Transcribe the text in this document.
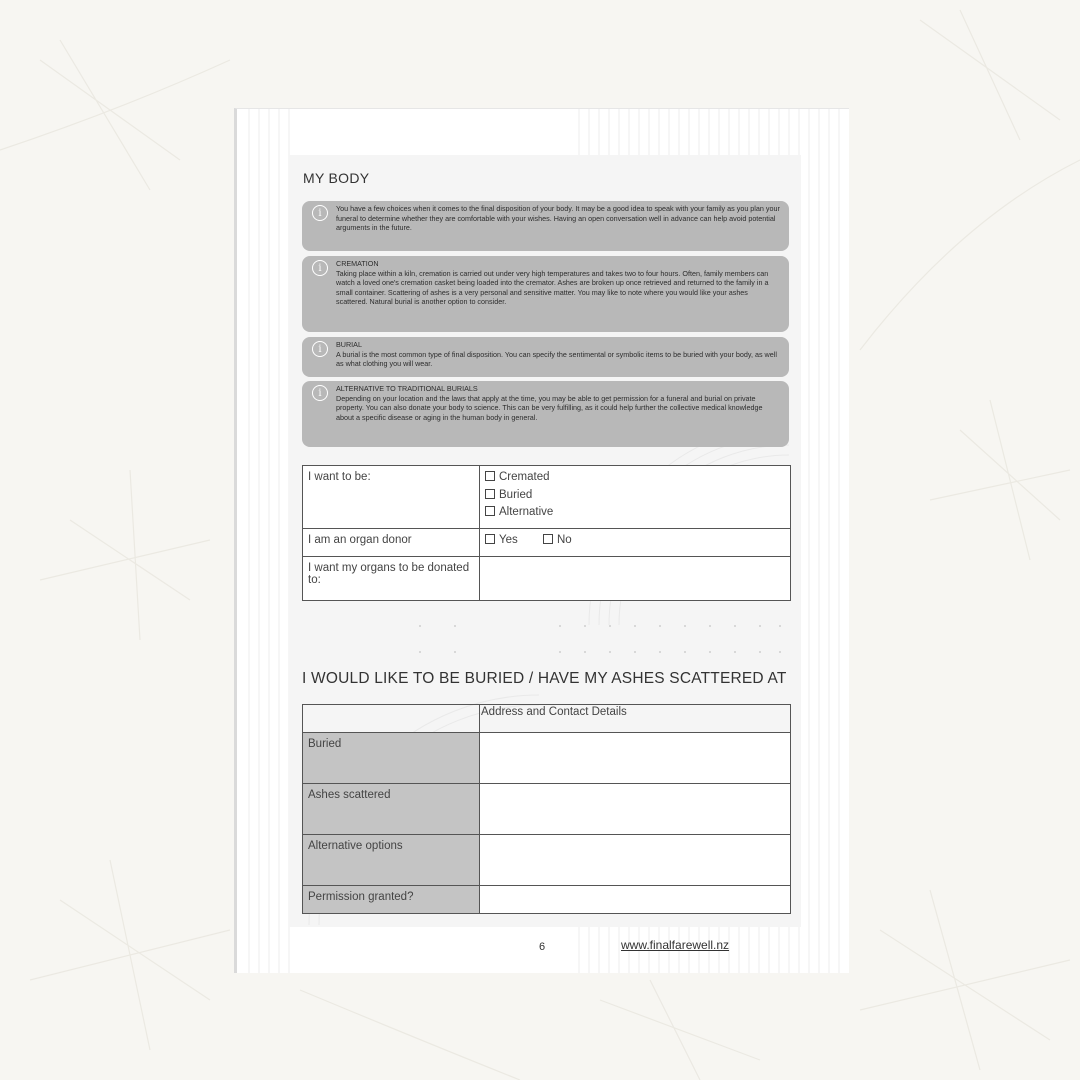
MY BODY
i	You have a few choices when it comes to the final disposition of your body. It may be a good idea to speak with your family as you plan your funeral to determine whether they are comfortable with your wishes. Having an open conversation well in advance can help avoid potential arguments in the future.
i	CREMATION
Taking place within a kiln, cremation is carried out under very high temperatures and takes two to four hours. Often, family members can watch a loved one's cremation casket being loaded into the cremator. Ashes are broken up once retrieved and returned to the family in a small container. Scattering of ashes is a very personal and sensitive matter. You may like to note where you would like your ashes scattered. Natural burial is another option to consider.
i	BURIAL
A burial is the most common type of final disposition. You can specify the sentimental or symbolic items to be buried with your body, as well as what clothing you will wear.
i	ALTERNATIVE TO TRADITIONAL BURIALS
Depending on your location and the laws that apply at the time, you may be able to get permission for a funeral and burial on private property. You can also donate your body to science. This can be very fulfilling, as it could help further the collective medical knowledge about a specific disease or aging in the human body in general.
I want to be:	Cremated
Buried
Alternative

I am an organ donor	Yes No
I want my organs to be donated to:	
I WOULD LIKE TO BE BURIED / HAVE MY ASHES SCATTERED AT
	Address and Contact Details
Buried	
Ashes scattered	
Alternative options	
Permission granted?	
6	www.finalfarewell.nz
